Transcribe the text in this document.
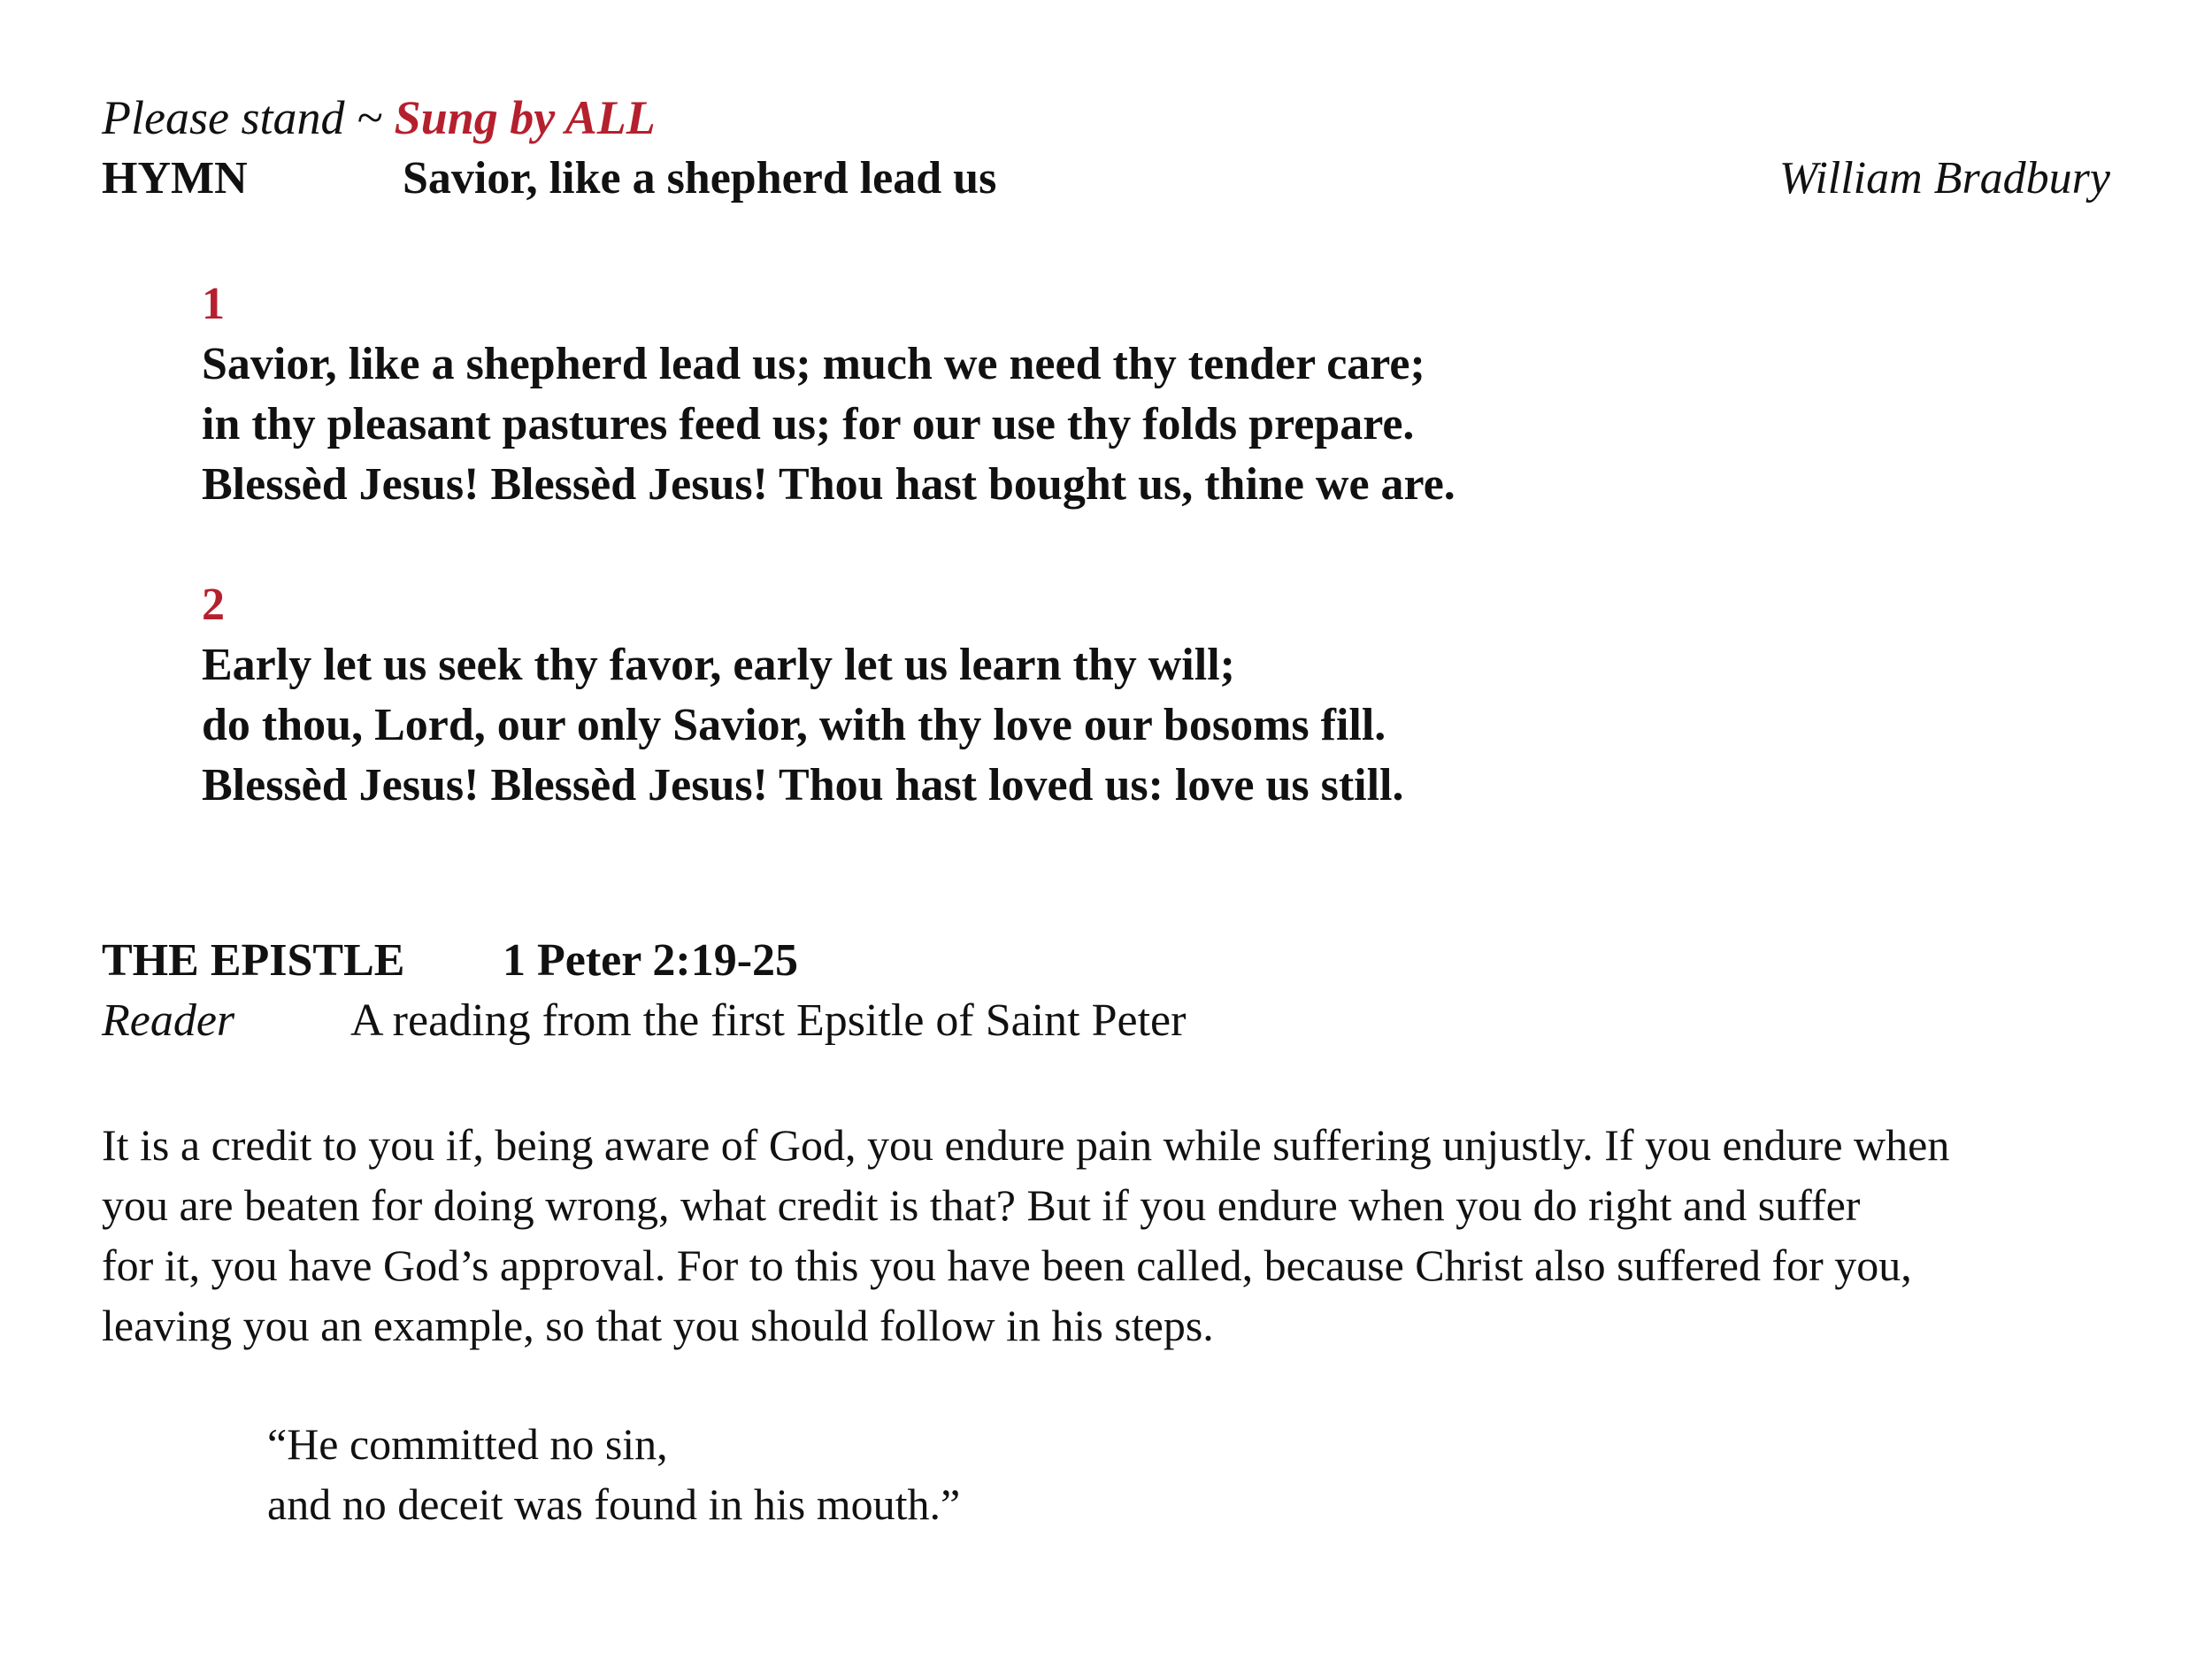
Please stand ~ Sung by ALL
HYMN	Savior, like a shepherd lead us	William Bradbury
1
Savior, like a shepherd lead us; much we need thy tender care;
in thy pleasant pastures feed us; for our use thy folds prepare.
Blessèd Jesus! Blessèd Jesus! Thou hast bought us, thine we are.
2
Early let us seek thy favor, early let us learn thy will;
do thou, Lord, our only Savior, with thy love our bosoms fill.
Blessèd Jesus! Blessèd Jesus! Thou hast loved us: love us still.
THE EPISTLE 1 Peter 2:19-25
Reader	A reading from the first Epsitle of Saint Peter
It is a credit to you if, being aware of God, you endure pain while suffering unjustly. If you endure when
you are beaten for doing wrong, what credit is that? But if you endure when you do right and suffer
for it, you have God’s approval. For to this you have been called, because Christ also suffered for you,
leaving you an example, so that you should follow in his steps.
“He committed no sin,
and no deceit was found in his mouth.”
